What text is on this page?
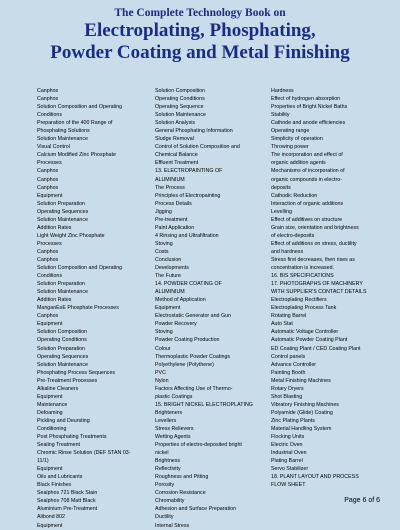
The Complete Technology Book on
Electroplating, Phosphating,
Powder Coating and Metal Finishing
Canphos
Canphos
Solution Composition and Operating
Conditions
Preparation of the 400 Range of
Phosphating Solutions
Solution Maintenance
Visual Control
Calcium Modified Zinc Phosphate
Processes
Canphos
Canphos
Canphos
Equipment
Solution Preparation
Operating Sequences
Solution Maintenance
Addition Rates
Light Weight Zinc Phosphate
Processes
Canphos
Canphos
Solution Composition and Operating
Conditions
Solution Preparation
Solution Maintenance
Addition Rates
ManganEsE Phosphate Processes
Canphos
Equipment
Solution Composition
Operating Conditions
Solution Preparation
Operating Sequences
Solution Maintenance
Phosphating Process Sequences
Pre-Treatment Processes
Alkaline Cleaners
Equipment
Maintenance
Defoaming
Pickling and Deursting
Conditioning
Post Phosphating Treatments
Sealing Treatment
Chromic Rinse Solution (DEF STAN 03-
11/1)
Equipment
Oils and Lubricants
Black Finishes
Sealphos 721 Black Stain
Sealphos 708 Matt Black
Aluminium Pre-Treatment
Alibond 802
Equipment
Solution Composition
Operating Conditions
Operating Sequence
Solution Maintenance
Solution Analysis
General Phosphating Information
Sludge Removal
Control of Solution Composition and
Chemical Balance
Effluent Treatment
13. ELECTROPAINTING OF
ALUMINIUM
The Process
Principles of Electropainting
Process Details
Jigging
Pre-treatment
Paint Application
4 Rinsing and Ultrafiltration
Stoving
Costs
Conclusion
Developments
The Future
14. POWDER COATING OF
ALUMINIUM
Method of Application
Equipment
Electrostatic Generator and Gun
Powder Recovery
Stoving
Powder Coating Production
Colour
Thermoplastic Powder Coatings
Polyethylene (Polythene)
PVC
Nylon
Factors Affecting Use of Thermo-
plastic Coatings
15. BRIGHT NICKEL ELECTROPLATING
Brighteners
Levellers
Stress Relievers
Wetting Agents
Properties of electro-deposited bright
nickel
Brightness
Reflectivity
Roughness and Pitting
Porosity
Corrosion Resistance
Chromability
Adhesion and Surface Preparation
Ductility
Internal Stress
Hardness
Effect of hydrogen absorption
Properties of Bright Nickel Baths
Stability
Cathode and anode efficiencies
Operating range
Simplicity of operation
Throwing power
The incorporation and effect of
organic addition agents
Mechanisms of incorporation of
organic compounds in electro-
deposits
Cathodic Reduction
Interaction of organic additions
Levelling
Effect of additives on structure
Grain size, orientation and brightness
of electro-deposits
Effect of additions on stress, ductility
and hardness
Stress first decreases, then rises as
concentration is increased.
16. BIS SPECIFICATIONS
17. PHOTOGRAPHS OF MACHINERY
WITH SUPPLIER'S CONTACT DETAILS
Electroplating Rectifiers
Electroplating Process Tank
Rotating Barrel
Auto Stat
Automatic Voltage Controller
Automatic Powder Coating Plant
ED Coating Plant / CED Coating Plant
Control panels
Advance Controller
Painting Booth
Metal Finishing Machines
Rotary Dryers
Shot Blasting
Vibratory Finishing Machines
Polyamide (Glide) Coating
Zinc Plating Plants
Material Handling System
Flocking Units
Electric Oven
Industrial Oven
Plating Barrel
Servo Stabilizer
18. PLANT LAYOUT AND PROCESS
FLOW SHEET
Page 6 of 6
